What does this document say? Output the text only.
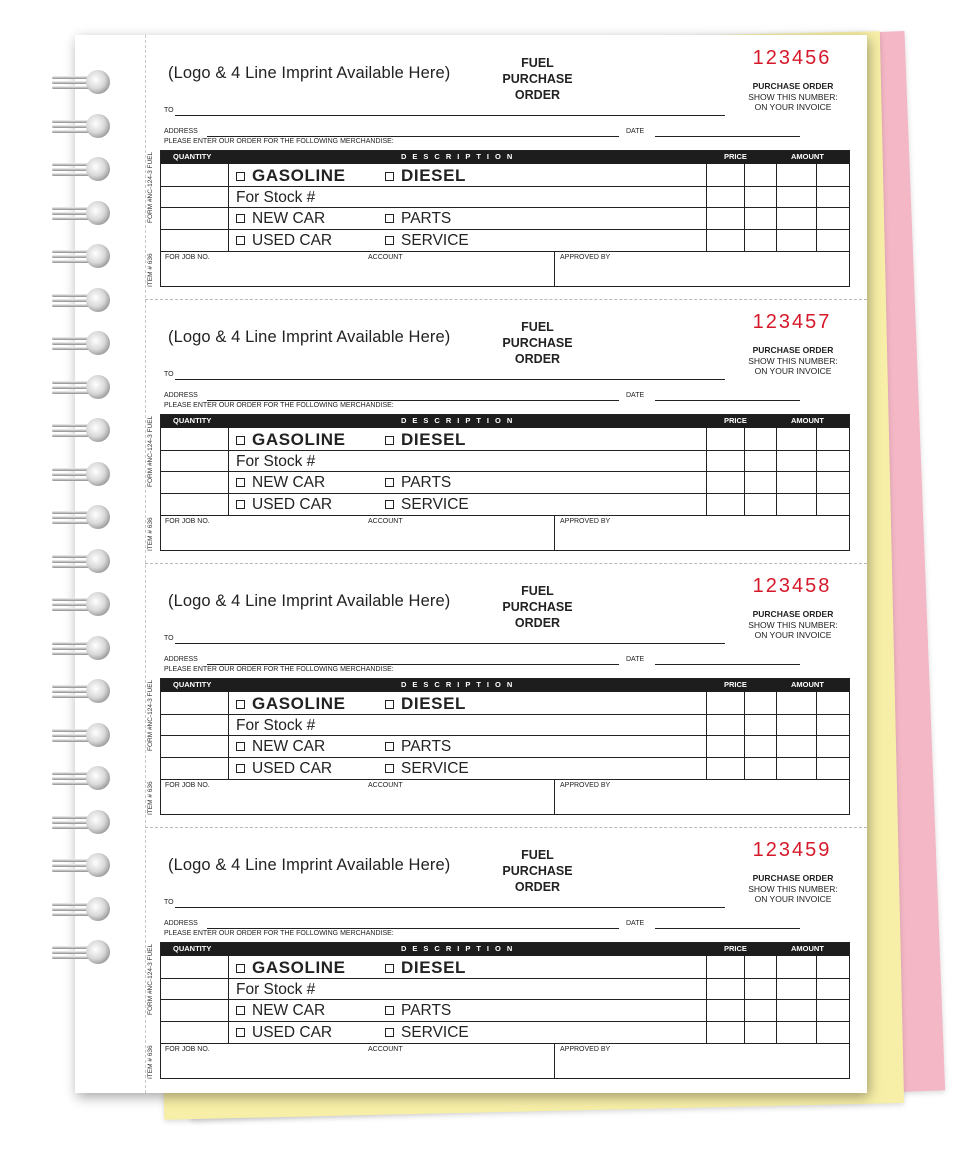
(Logo & 4 Line Imprint Available Here)
FUEL
PURCHASE
ORDER
123456
PURCHASE ORDER
SHOW THIS NUMBER:
ON YOUR INVOICE
TO
ADDRESS	DATE
PLEASE ENTER OUR ORDER FOR THE FOLLOWING MERCHANDISE:
FORM #NC-124-3 FUEL
ITEM # 636
QUANTITY	DESCRIPTION	PRICE	AMOUNT
GASOLINE	DIESEL
For Stock #
NEW CAR	PARTS
USED CAR	SERVICE
FOR JOB NO.	ACCOUNT	APPROVED BY
(Logo & 4 Line Imprint Available Here)
FUEL
PURCHASE
ORDER
123457
PURCHASE ORDER
SHOW THIS NUMBER:
ON YOUR INVOICE
TO
ADDRESS	DATE
PLEASE ENTER OUR ORDER FOR THE FOLLOWING MERCHANDISE:
FORM #NC-124-3 FUEL
ITEM # 636
QUANTITY	DESCRIPTION	PRICE	AMOUNT
GASOLINE	DIESEL
For Stock #
NEW CAR	PARTS
USED CAR	SERVICE
FOR JOB NO.	ACCOUNT	APPROVED BY
(Logo & 4 Line Imprint Available Here)
FUEL
PURCHASE
ORDER
123458
PURCHASE ORDER
SHOW THIS NUMBER:
ON YOUR INVOICE
TO
ADDRESS	DATE
PLEASE ENTER OUR ORDER FOR THE FOLLOWING MERCHANDISE:
FORM #NC-124-3 FUEL
ITEM # 636
QUANTITY	DESCRIPTION	PRICE	AMOUNT
GASOLINE	DIESEL
For Stock #
NEW CAR	PARTS
USED CAR	SERVICE
FOR JOB NO.	ACCOUNT	APPROVED BY
(Logo & 4 Line Imprint Available Here)
FUEL
PURCHASE
ORDER
123459
PURCHASE ORDER
SHOW THIS NUMBER:
ON YOUR INVOICE
TO
ADDRESS	DATE
PLEASE ENTER OUR ORDER FOR THE FOLLOWING MERCHANDISE:
FORM #NC-124-3 FUEL
ITEM # 636
QUANTITY	DESCRIPTION	PRICE	AMOUNT
GASOLINE	DIESEL
For Stock #
NEW CAR	PARTS
USED CAR	SERVICE
FOR JOB NO.	ACCOUNT	APPROVED BY
